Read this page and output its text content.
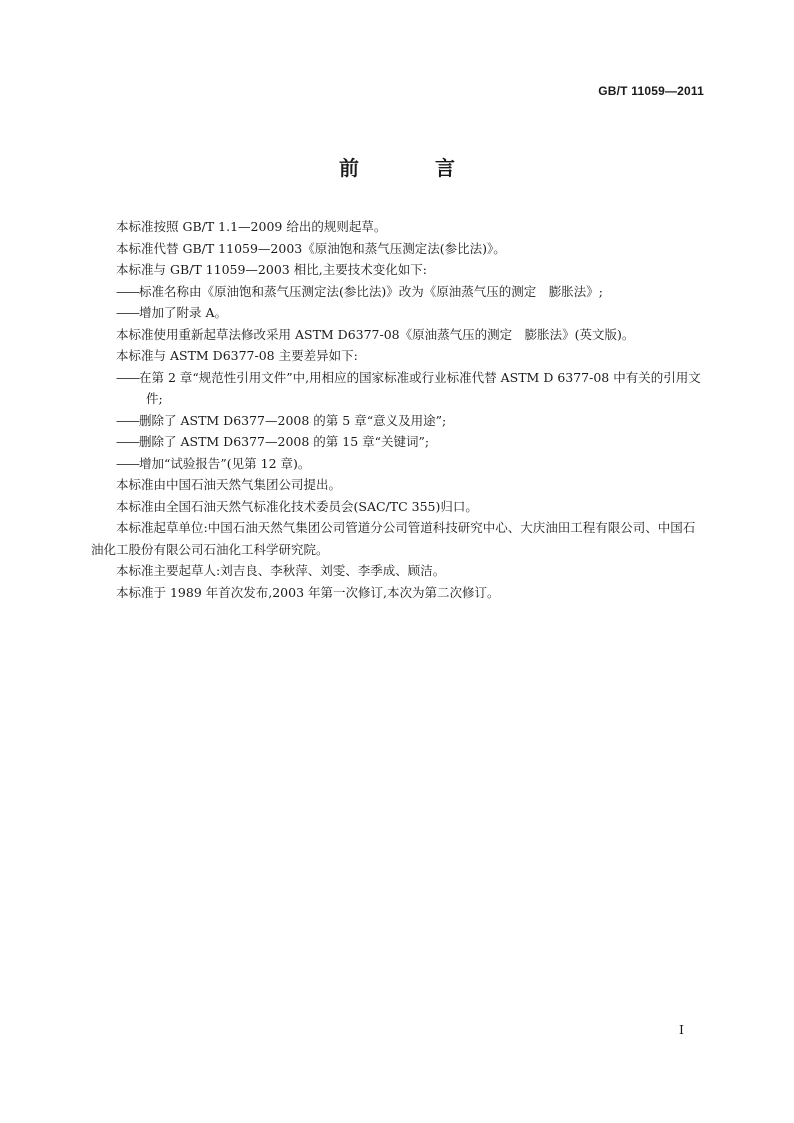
GB/T 11059—2011
前　言

本标准按照 GB/T 1.1—2009 给出的规则起草。

本标准代替 GB/T 11059—2003《原油饱和蒸气压测定法(参比法)》。

本标准与 GB/T 11059—2003 相比,主要技术变化如下:

——标准名称由《原油饱和蒸气压测定法(参比法)》改为《原油蒸气压的测定　膨胀法》;

——增加了附录 A。

本标准使用重新起草法修改采用 ASTM D6377-08《原油蒸气压的测定　膨胀法》(英文版)。

本标准与 ASTM D6377-08 主要差异如下:

——在第 2 章“规范性引用文件”中,用相应的国家标准或行业标准代替 ASTM D 6377-08 中有关的引用文件;

——删除了 ASTM D6377—2008 的第 5 章“意义及用途”;

——删除了 ASTM D6377—2008 的第 15 章“关键词”;

——增加“试验报告”(见第 12 章)。

本标准由中国石油天然气集团公司提出。

本标准由全国石油天然气标准化技术委员会(SAC/TC 355)归口。

本标准起草单位:中国石油天然气集团公司管道分公司管道科技研究中心、大庆油田工程有限公司、中国石油化工股份有限公司石油化工科学研究院。

本标准主要起草人:刘吉良、李秋萍、刘雯、李季成、顾洁。

本标准于 1989 年首次发布,2003 年第一次修订,本次为第二次修订。

I
